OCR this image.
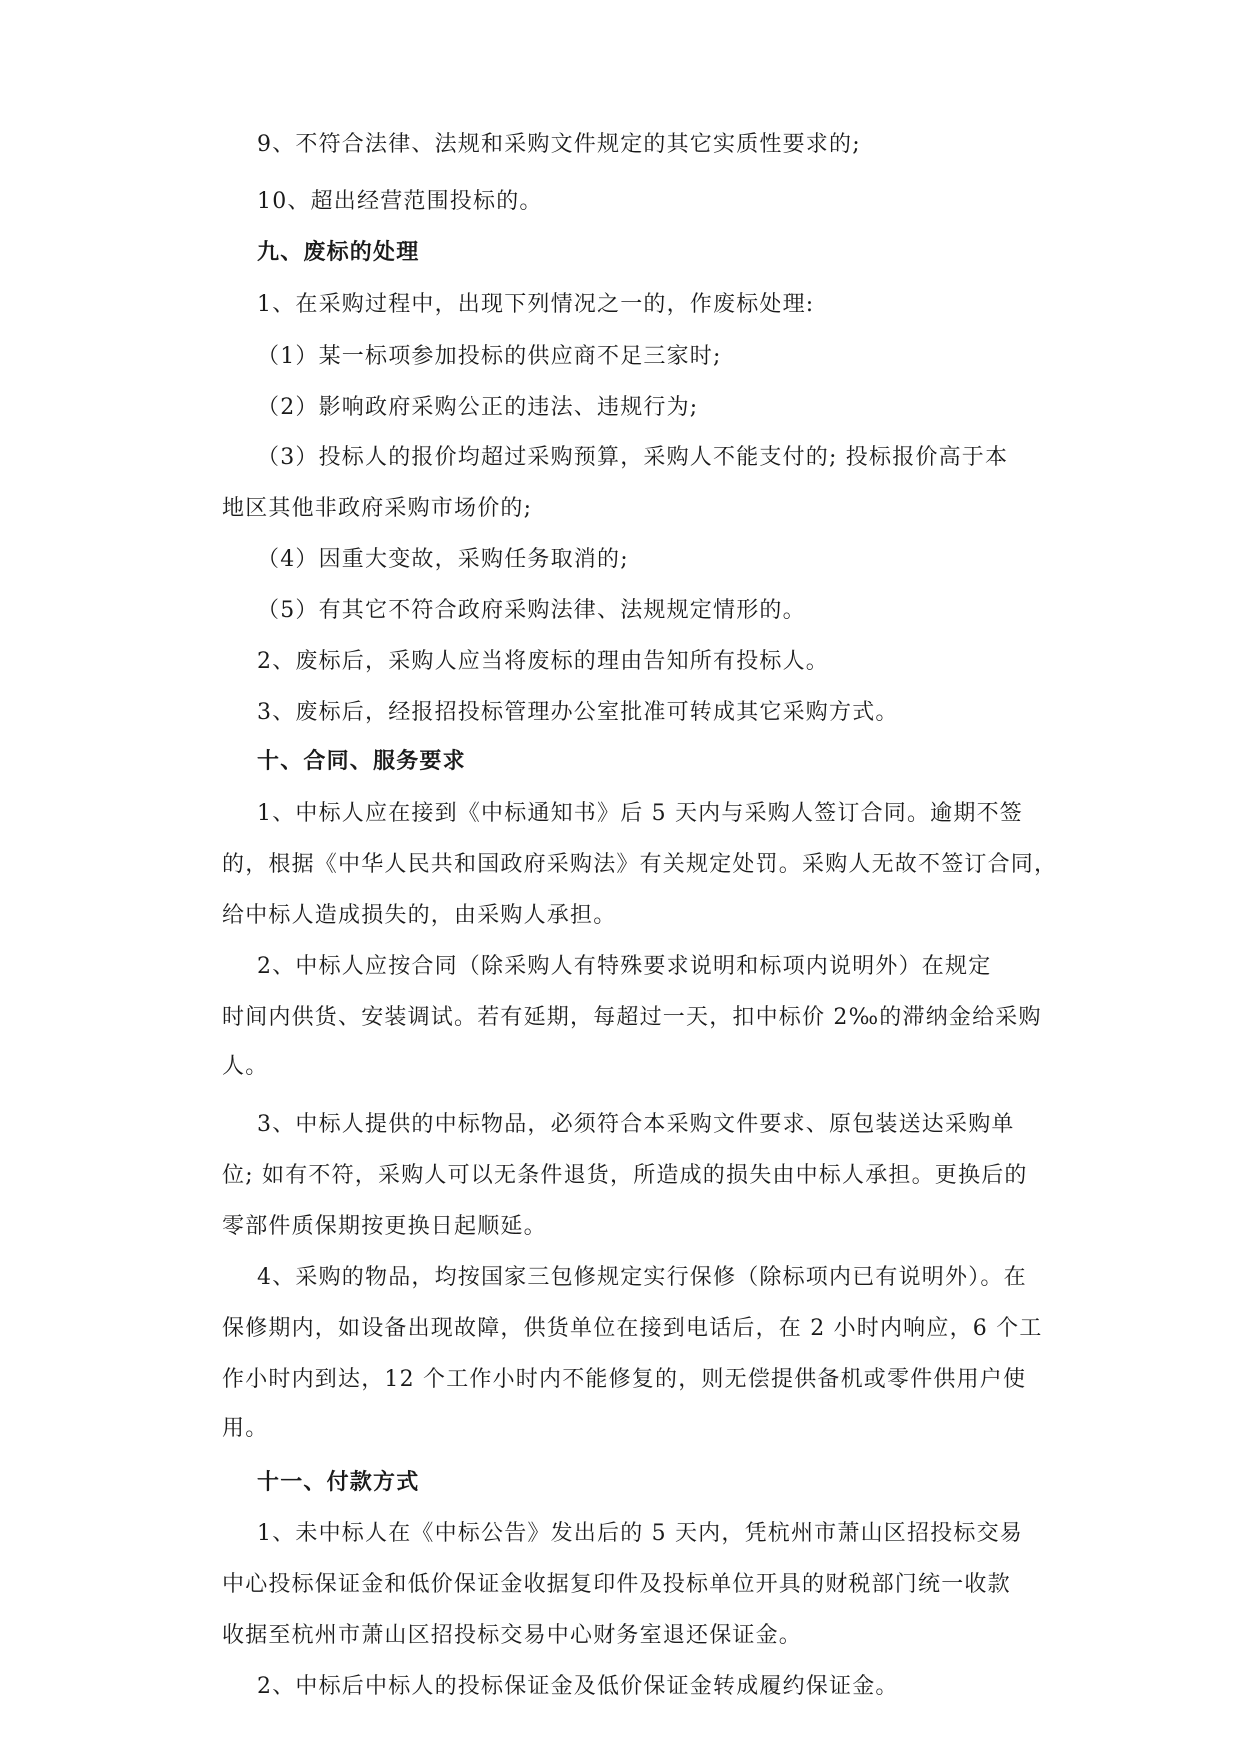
9、不符合法律、法规和采购文件规定的其它实质性要求的;
10、超出经营范围投标的。
九、废标的处理
1、在采购过程中，出现下列情况之一的，作废标处理:
（1）某一标项参加投标的供应商不足三家时;
（2）影响政府采购公正的违法、违规行为;
（3）投标人的报价均超过采购预算，采购人不能支付的; 投标报价高于本
地区其他非政府采购市场价的;
（4）因重大变故，采购任务取消的;
（5）有其它不符合政府采购法律、法规规定情形的。
2、废标后，采购人应当将废标的理由告知所有投标人。
3、废标后，经报招投标管理办公室批准可转成其它采购方式。
十、合同、服务要求
1、中标人应在接到《中标通知书》后 5 天内与采购人签订合同。逾期不签
的，根据《中华人民共和国政府采购法》有关规定处罚。采购人无故不签订合同，
给中标人造成损失的，由采购人承担。
2、中标人应按合同（除采购人有特殊要求说明和标项内说明外）在规定
时间内供货、安装调试。若有延期，每超过一天，扣中标价 2‰的滞纳金给采购
人。
3、中标人提供的中标物品，必须符合本采购文件要求、原包装送达采购单
位; 如有不符，采购人可以无条件退货，所造成的损失由中标人承担。更换后的
零部件质保期按更换日起顺延。
4、采购的物品，均按国家三包修规定实行保修（除标项内已有说明外）。在
保修期内，如设备出现故障，供货单位在接到电话后，在 2 小时内响应，6 个工
作小时内到达，12 个工作小时内不能修复的，则无偿提供备机或零件供用户使
用。
十一、付款方式
1、未中标人在《中标公告》发出后的 5 天内，凭杭州市萧山区招投标交易
中心投标保证金和低价保证金收据复印件及投标单位开具的财税部门统一收款
收据至杭州市萧山区招投标交易中心财务室退还保证金。
2、中标后中标人的投标保证金及低价保证金转成履约保证金。
